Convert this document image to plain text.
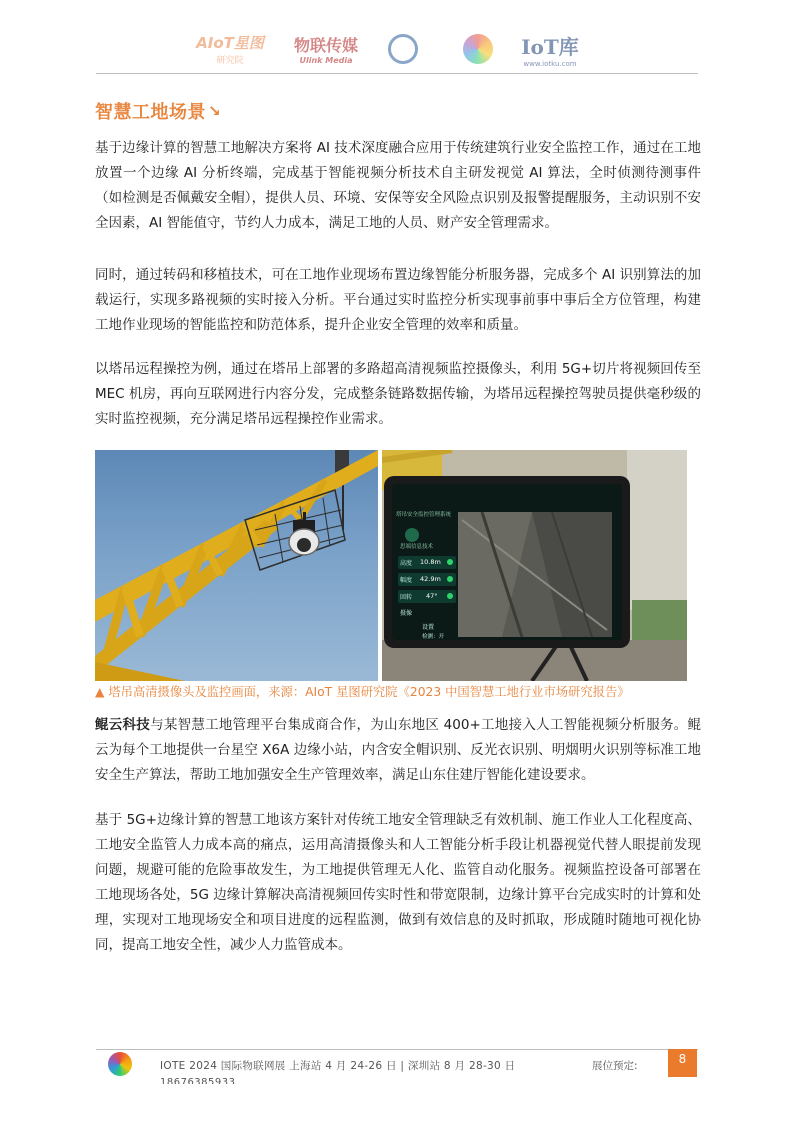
AIoT星图
研究院
物联传媒
Ulink Media
IoT库
www.iotku.com
智慧工地场景 ↘

基于边缘计算的智慧工地解决方案将 AI 技术深度融合应用于传统建筑行业安全监控工作，通过在工地放置一个边缘 AI 分析终端，完成基于智能视频分析技术自主研发视觉 AI 算法，全时侦测待测事件（如检测是否佩戴安全帽），提供人员、环境、安保等安全风险点识别及报警提醒服务，主动识别不安全因素，AI 智能值守，节约人力成本，满足工地的人员、财产安全管理需求。

同时，通过转码和移植技术，可在工地作业现场布置边缘智能分析服务器，完成多个 AI 识别算法的加载运行，实现多路视频的实时接入分析。平台通过实时监控分析实现事前事中事后全方位管理，构建工地作业现场的智能监控和防范体系，提升企业安全管理的效率和质量。

以塔吊远程操控为例，通过在塔吊上部署的多路超高清视频监控摄像头，利用 5G+切片将视频回传至 MEC 机房，再向互联网进行内容分发，完成整条链路数据传输，为塔吊远程操控驾驶员提供毫秒级的实时监控视频，充分满足塔吊远程操控作业需求。

塔吊安全监控管理系统
思端信息技术
高度 10.8m
幅度 42.9m
回转 47°
摄像
设置
检测：开
▲ 塔吊高清摄像头及监控画面，来源：AIoT 星图研究院《2023 中国智慧工地行业市场研究报告》

鲲云科技与某智慧工地管理平台集成商合作，为山东地区 400+工地接入人工智能视频分析服务。鲲云为每个工地提供一台星空 X6A 边缘小站，内含安全帽识别、反光衣识别、明烟明火识别等标准工地安全生产算法，帮助工地加强安全生产管理效率，满足山东住建厅智能化建设要求。

基于 5G+边缘计算的智慧工地该方案针对传统工地安全管理缺乏有效机制、施工作业人工化程度高、工地安全监管人力成本高的痛点，运用高清摄像头和人工智能分析手段让机器视觉代替人眼提前发现问题，规避可能的危险事故发生，为工地提供管理无人化、监管自动化服务。视频监控设备可部署在工地现场各处，5G 边缘计算解决高清视频回传实时性和带宽限制，边缘计算平台完成实时的计算和处理，实现对工地现场安全和项目进度的远程监测，做到有效信息的及时抓取，形成随时随地可视化协同，提高工地安全性，减少人力监管成本。

IOTE 2024 国际物联网展 上海站 4 月 24-26 日 | 深圳站 8 月 28-30 日
18676385933
展位预定:	8
